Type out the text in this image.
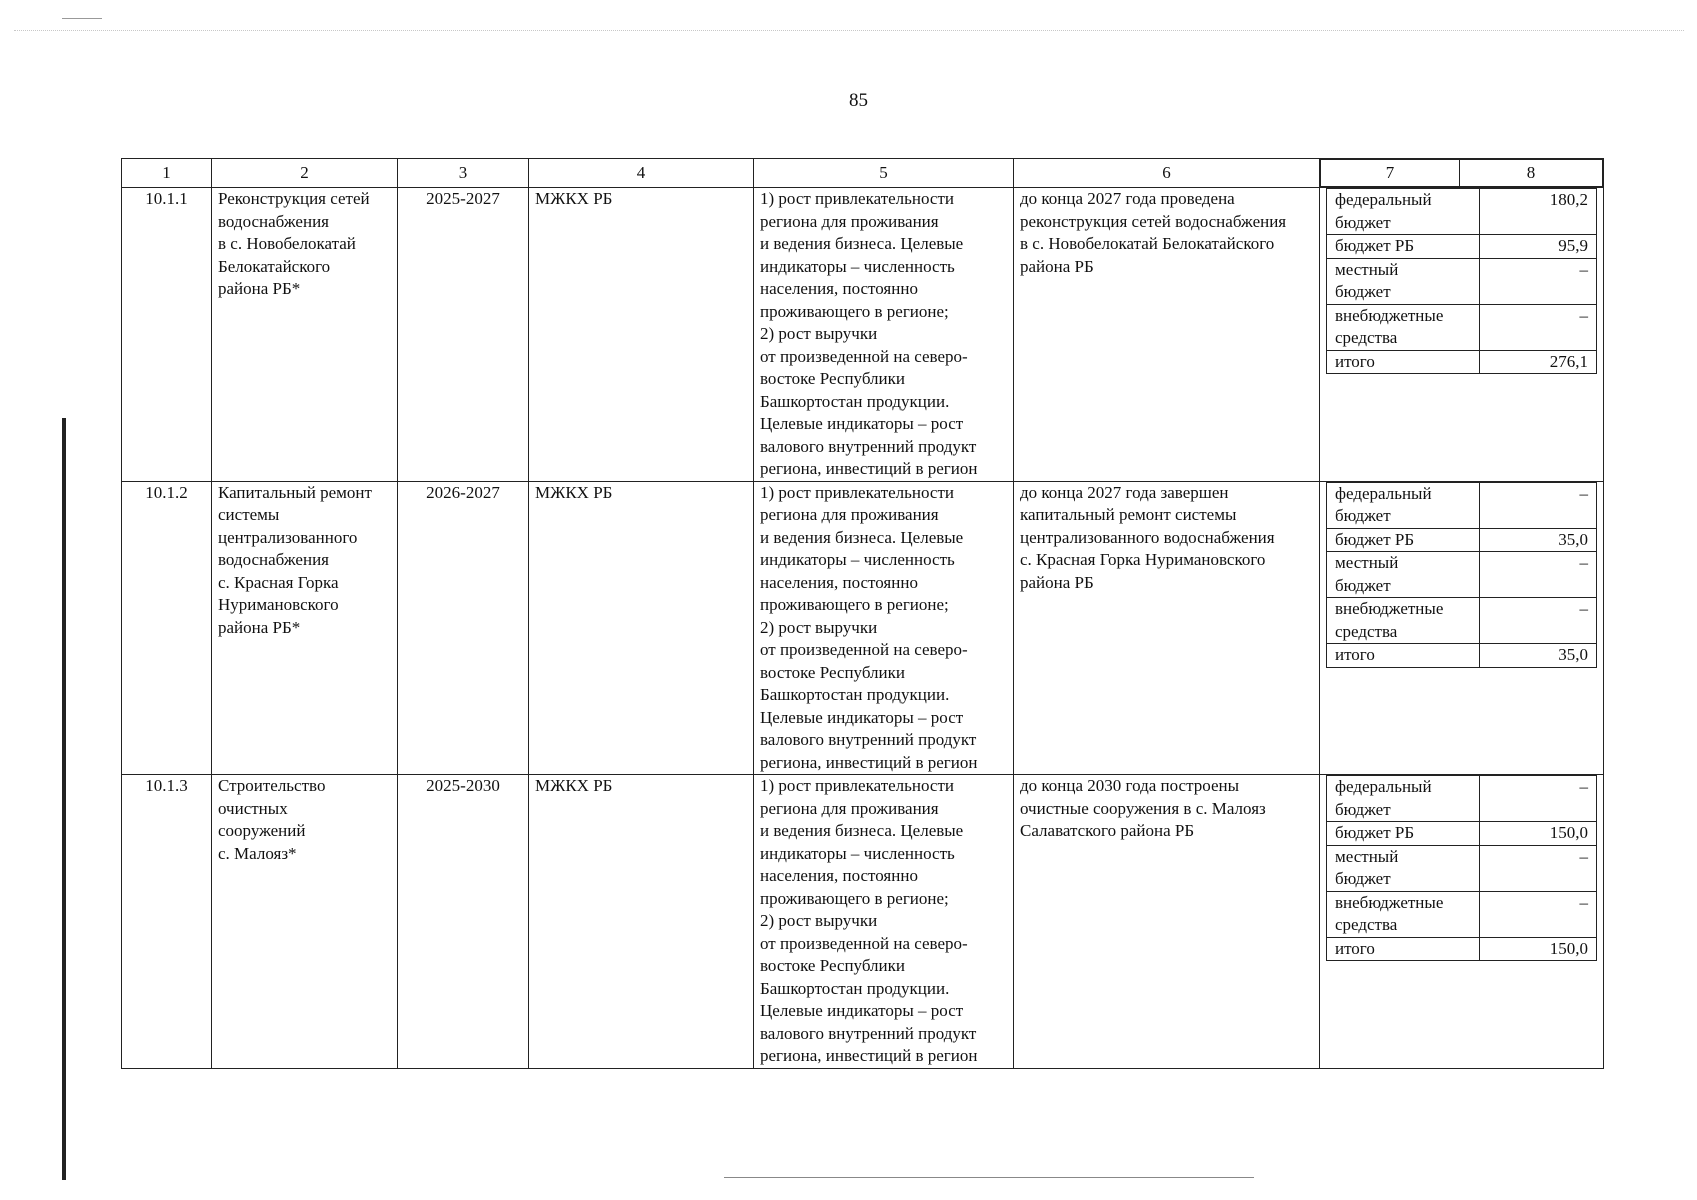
85
1	2	3	4	5	6		7	8

10.1.1	Реконструкция сетей
водоснабжения
в с. Новобелокатай
Белокатайского
района РБ*	2025-2027	МЖКХ РБ	1) рост привлекательности
региона для проживания
и ведения бизнеса. Целевые
индикаторы – численность
населения, постоянно
проживающего в регионе;
2) рост выручки
от произведенной на северо-
востоке Республики
Башкортостан продукции.
Целевые индикаторы – рост
валового внутренний продукт
региона, инвестиций в регион	до конца 2027 года проведена
реконструкция сетей водоснабжения
в с. Новобелокатай Белокатайского
района РБ	
федеральный
бюджет	180,2
бюджет РБ	95,9
местный
бюджет	–
внебюджетные
средства	–
итого	276,1

10.1.2	Капитальный ремонт
системы
централизованного
водоснабжения
с. Красная Горка
Нуримановского
района РБ*	2026-2027	МЖКХ РБ	1) рост привлекательности
региона для проживания
и ведения бизнеса. Целевые
индикаторы – численность
населения, постоянно
проживающего в регионе;
2) рост выручки
от произведенной на северо-
востоке Республики
Башкортостан продукции.
Целевые индикаторы – рост
валового внутренний продукт
региона, инвестиций в регион	до конца 2027 года завершен
капитальный ремонт системы
централизованного водоснабжения
с. Красная Горка Нуримановского
района РБ	
федеральный
бюджет	–
бюджет РБ	35,0
местный
бюджет	–
внебюджетные
средства	–
итого	35,0

10.1.3	Строительство
очистных
сооружений
с. Малояз*	2025-2030	МЖКХ РБ	1) рост привлекательности
региона для проживания
и ведения бизнеса. Целевые
индикаторы – численность
населения, постоянно
проживающего в регионе;
2) рост выручки
от произведенной на северо-
востоке Республики
Башкортостан продукции.
Целевые индикаторы – рост
валового внутренний продукт
региона, инвестиций в регион	до конца 2030 года построены
очистные сооружения в с. Малояз
Салаватского района РБ	
федеральный
бюджет	–
бюджет РБ	150,0
местный
бюджет	–
внебюджетные
средства	–
итого	150,0
